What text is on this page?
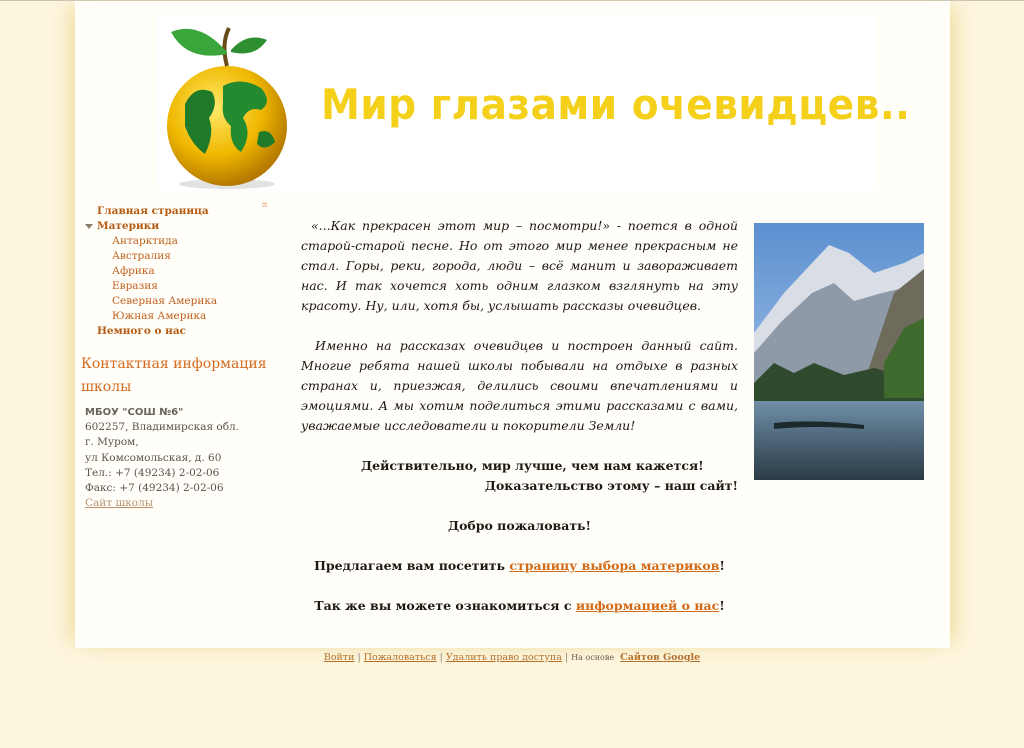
Мир глазами очевидцев..
Главная страница
Материки
Антарктида
Австралия
Африка
Евразия
Северная Америка
Южная Америка
Немного о нас
Контактная информация школы
МБОУ "СОШ №6"
602257, Владимирская обл.
г. Муром,
ул Комсомольская, д. 60
Тел.: +7 (49234) 2-02-06
Факс: +7 (49234) 2-02-06
Сайт школы

«...Как прекрасен этот мир – посмотри!» - поется в одной старой-старой песне. Но от этого мир менее прекрасным не стал. Горы, реки, города, люди – всё манит и завораживает нас. И так хочется хоть одним глазком взглянуть на эту красоту. Ну, или, хотя бы, услышать рассказы очевидцев.

Именно на рассказах очевидцев и построен данный сайт. Многие ребята нашей школы побывали на отдыхе в разных странах и, приезжая, делились своими впечатлениями и эмоциями. А мы хотим поделиться этими рассказами с вами, уважаемые исследователи и покорители Земли!

Действительно, мир лучше, чем нам кажется!
Доказательство этому – наш сайт!
Добро пожаловать!
Предлагаем вам посетить страницу выбора материков!
Так же вы можете ознакомиться с информацией о нас!
Войти | Пожаловаться | Удалить право доступа | На основе Сайтов Google
